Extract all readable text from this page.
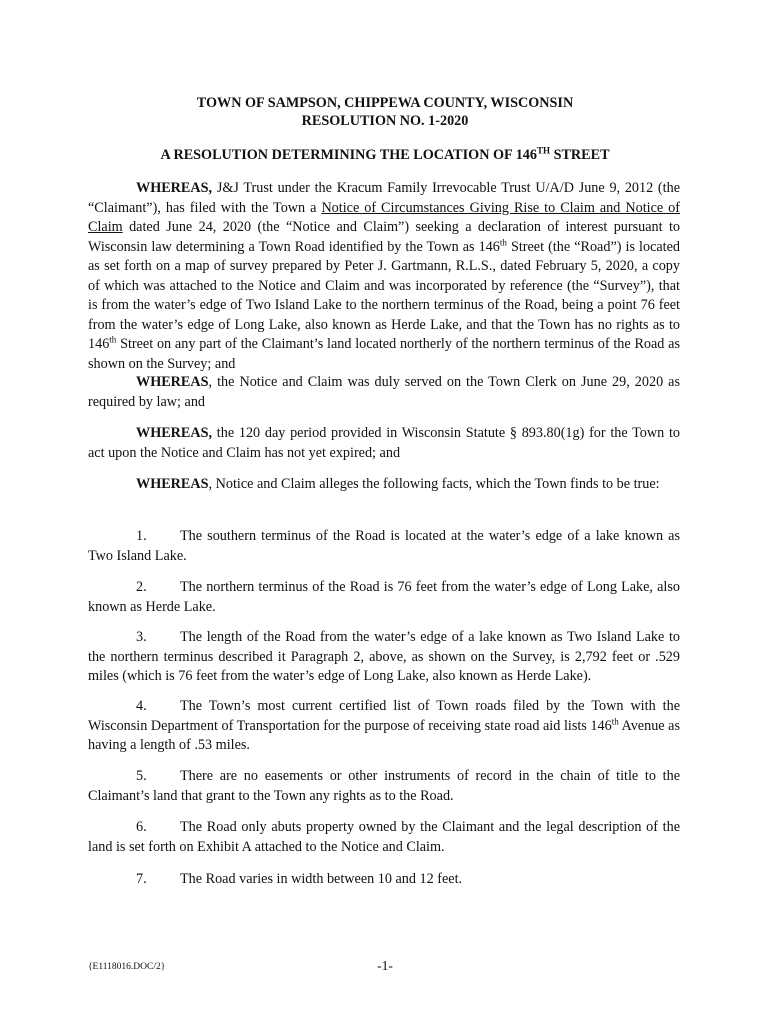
TOWN OF SAMPSON, CHIPPEWA COUNTY, WISCONSIN
RESOLUTION NO. 1-2020
A RESOLUTION DETERMINING THE LOCATION OF 146TH STREET

WHEREAS, J&J Trust under the Kracum Family Irrevocable Trust U/A/D June 9, 2012 (the “Claimant”), has filed with the Town a Notice of Circumstances Giving Rise to Claim and Notice of Claim dated June 24, 2020 (the “Notice and Claim”) seeking a declaration of interest pursuant to Wisconsin law determining a Town Road identified by the Town as 146th Street (the “Road”) is located as set forth on a map of survey prepared by Peter J. Gartmann, R.L.S., dated February 5, 2020, a copy of which was attached to the Notice and Claim and was incorporated by reference (the “Survey”), that is from the water’s edge of Two Island Lake to the northern terminus of the Road, being a point 76 feet from the water’s edge of Long Lake, also known as Herde Lake, and that the Town has no rights as to 146th Street on any part of the Claimant’s land located northerly of the northern terminus of the Road as shown on the Survey; and

WHEREAS, the Notice and Claim was duly served on the Town Clerk on June 29, 2020 as required by law; and

WHEREAS, the 120 day period provided in Wisconsin Statute § 893.80(1g) for the Town to act upon the Notice and Claim has not yet expired; and

WHEREAS, Notice and Claim alleges the following facts, which the Town finds to be true:

1. The southern terminus of the Road is located at the water’s edge of a lake known as Two Island Lake.

2. The northern terminus of the Road is 76 feet from the water’s edge of Long Lake, also known as Herde Lake.

3. The length of the Road from the water’s edge of a lake known as Two Island Lake to the northern terminus described it Paragraph 2, above, as shown on the Survey, is 2,792 feet or .529 miles (which is 76 feet from the water’s edge of Long Lake, also known as Herde Lake).

4. The Town’s most current certified list of Town roads filed by the Town with the Wisconsin Department of Transportation for the purpose of receiving state road aid lists 146th Avenue as having a length of .53 miles.

5. There are no easements or other instruments of record in the chain of title to the Claimant’s land that grant to the Town any rights as to the Road.

6. The Road only abuts property owned by the Claimant and the legal description of the land is set forth on Exhibit A attached to the Notice and Claim.

7. The Road varies in width between 10 and 12 feet.

{E1118016.DOC/2}	-1-
